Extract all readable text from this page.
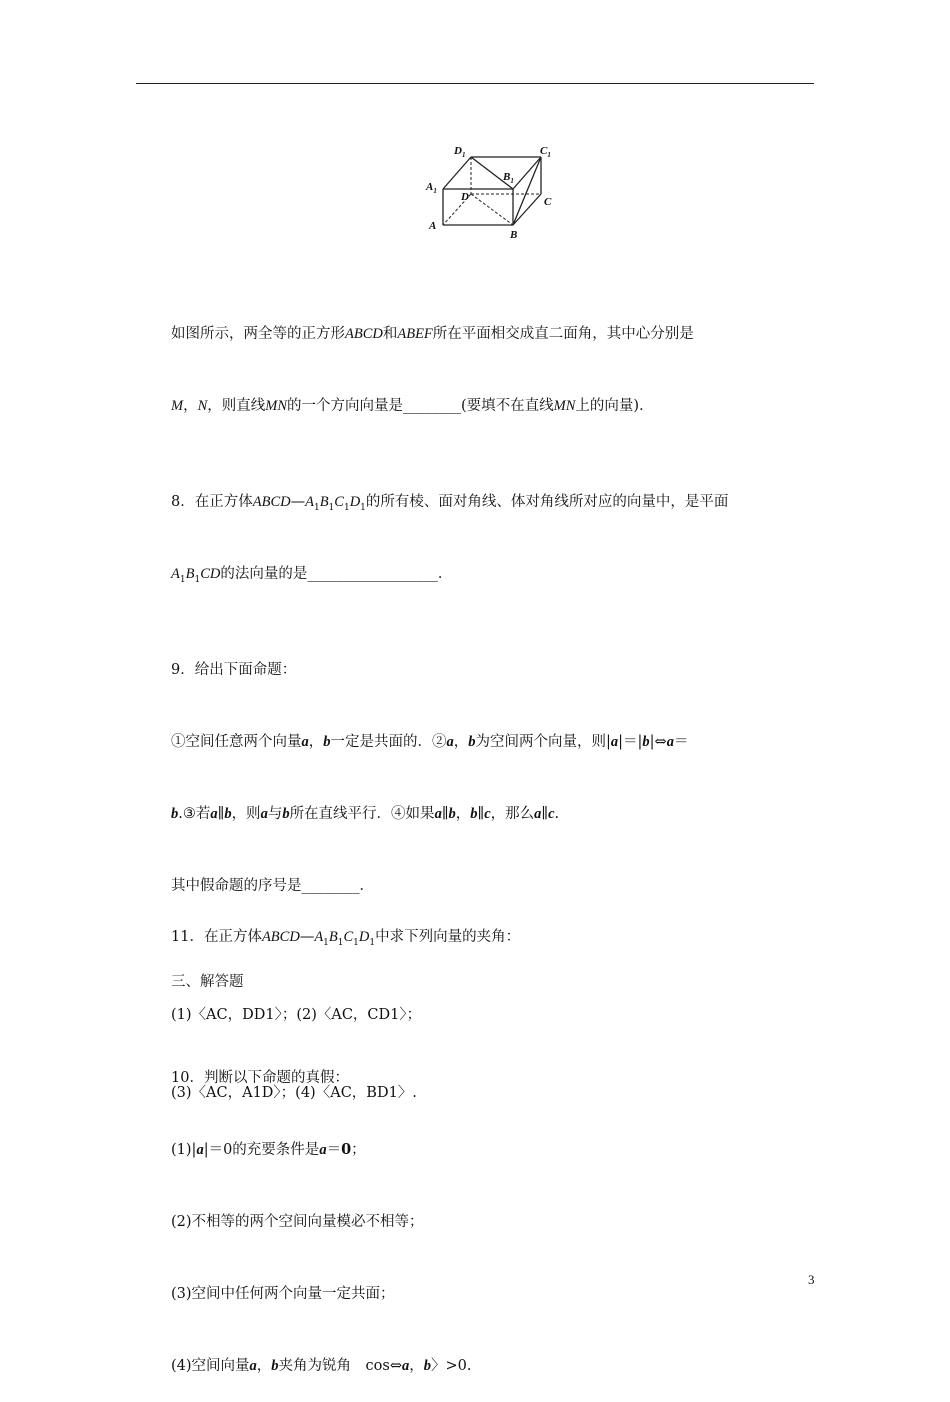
$D_1$	$C_1$
$A_1$
$B_1$
D	C
A
B

如图所示，两全等的正方形ABCD和ABEF所在平面相交成直二面角，其中心分别是

M，N，则直线MN的一个方向向量是________(要填不在直线MN上的向量)．

8．在正方体$ABCD—A_1B_1C_1D_1$的所有棱、面对角线、体对角线所对应的向量中，是平面

$A_1B_1CD$的法向量的是__________________．

9．给出下面命题：

①空间任意两个向量a，b一定是共面的．②a，b为空间两个向量，则|a|＝|b|⇔a＝

b.③若a∥b，则a与b所在直线平行．④如果a∥b，b∥c，那么a∥c.

其中假命题的序号是________．

三、解答题

10．判断以下命题的真假：

(1)|a|＝0的充要条件是a＝0；

(2)不相等的两个空间向量模必不相等；

(3)空间中任何两个向量一定共面；

(4)空间向量a，b夹角为锐角　cos⇔a，b〉>0.

11．在正方体$ABCD—A_1B_1C_1D_1$中求下列向量的夹角：

(1)〈AC，DD1〉；(2)〈AC，CD1〉；

(3)〈AC，A1D〉；(4)〈AC，BD1〉.

3
